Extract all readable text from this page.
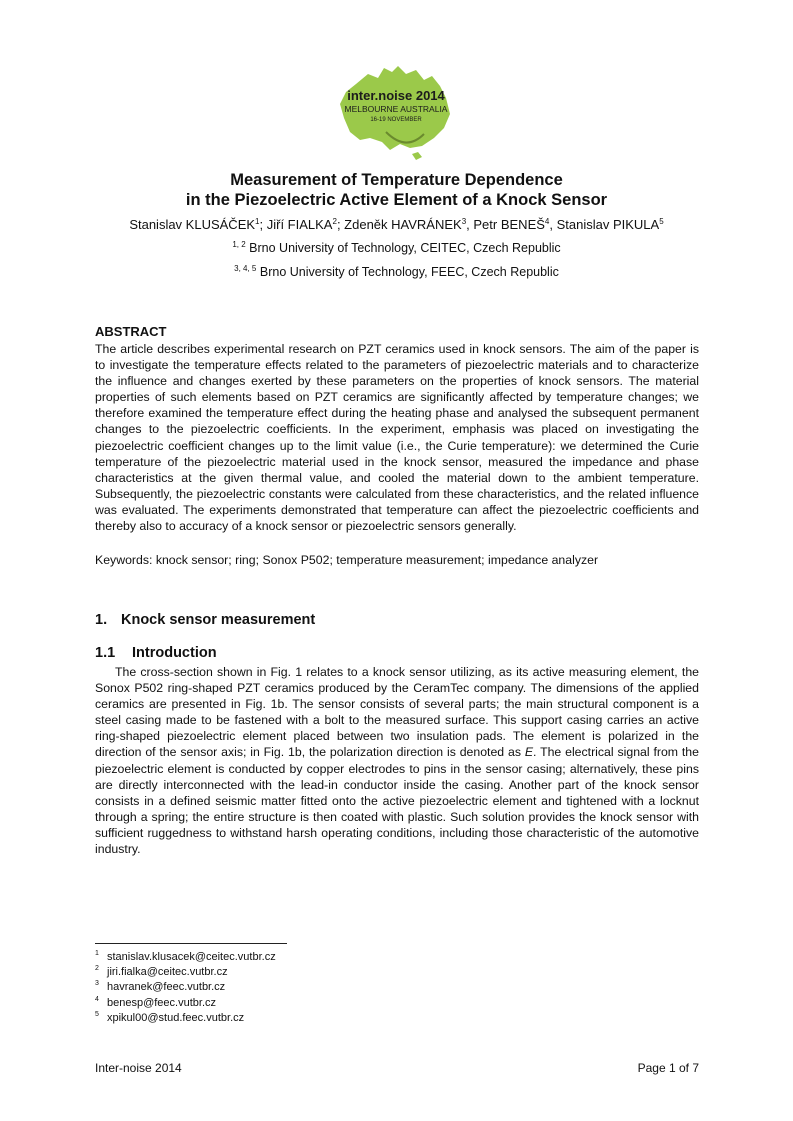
inter.noise 2014
MELBOURNE AUSTRALIA
16-19 NOVEMBER
Measurement of Temperature Dependence
in the Piezoelectric Active Element of a Knock Sensor
Stanislav KLUSÁČEK$^1$; Jiří FIALKA$^2$; Zdeněk HAVRÁNEK$^3$, Petr BENEŠ$^4$, Stanislav PIKULA$^5$
$^{1, 2}$ Brno University of Technology, CEITEC, Czech Republic
$^{3, 4, 5}$ Brno University of Technology, FEEC, Czech Republic
ABSTRACT
The article describes experimental research on PZT ceramics used in knock sensors. The aim of the paper is to investigate the temperature effects related to the parameters of piezoelectric materials and to characterize the influence and changes exerted by these parameters on the properties of knock sensors. The material properties of such elements based on PZT ceramics are significantly affected by temperature changes; we therefore examined the temperature effect during the heating phase and analysed the subsequent permanent changes to the piezoelectric coefficients. In the experiment, emphasis was placed on investigating the piezoelectric coefficient changes up to the limit value (i.e., the Curie temperature): we determined the Curie temperature of the piezoelectric material used in the knock sensor, measured the impedance and phase characteristics at the given thermal value, and cooled the material down to the ambient temperature. Subsequently, the piezoelectric constants were calculated from these characteristics, and the related influence was evaluated. The experiments demonstrated that temperature can affect the piezoelectric coefficients and thereby also to accuracy of a knock sensor or piezoelectric sensors generally.
Keywords: knock sensor; ring; Sonox P502; temperature measurement; impedance analyzer
1. Knock sensor measurement
1.1 Introduction
The cross-section shown in Fig. 1 relates to a knock sensor utilizing, as its active measuring element, the Sonox P502 ring-shaped PZT ceramics produced by the CeramTec company. The dimensions of the applied ceramics are presented in Fig. 1b. The sensor consists of several parts; the main structural component is a steel casing made to be fastened with a bolt to the measured surface. This support casing carries an active ring-shaped piezoelectric element placed between two insulation pads. The element is polarized in the direction of the sensor axis; in Fig. 1b, the polarization direction is denoted as E. The electrical signal from the piezoelectric element is conducted by copper electrodes to pins in the sensor casing; alternatively, these pins are directly interconnected with the lead-in conductor inside the casing. Another part of the knock sensor consists in a defined seismic matter fitted onto the active piezoelectric element and tightened with a locknut through a spring; the entire structure is then coated with plastic. Such solution provides the knock sensor with sufficient ruggedness to withstand harsh operating conditions, including those characteristic of the automotive industry.
$^1$ stanislav.klusacek@ceitec.vutbr.cz
$^2$ jiri.fialka@ceitec.vutbr.cz
$^3$ havranek@feec.vutbr.cz
$^4$ benesp@feec.vutbr.cz
$^5$ xpikul00@stud.feec.vutbr.cz
Inter-noise 2014	Page 1 of 7
